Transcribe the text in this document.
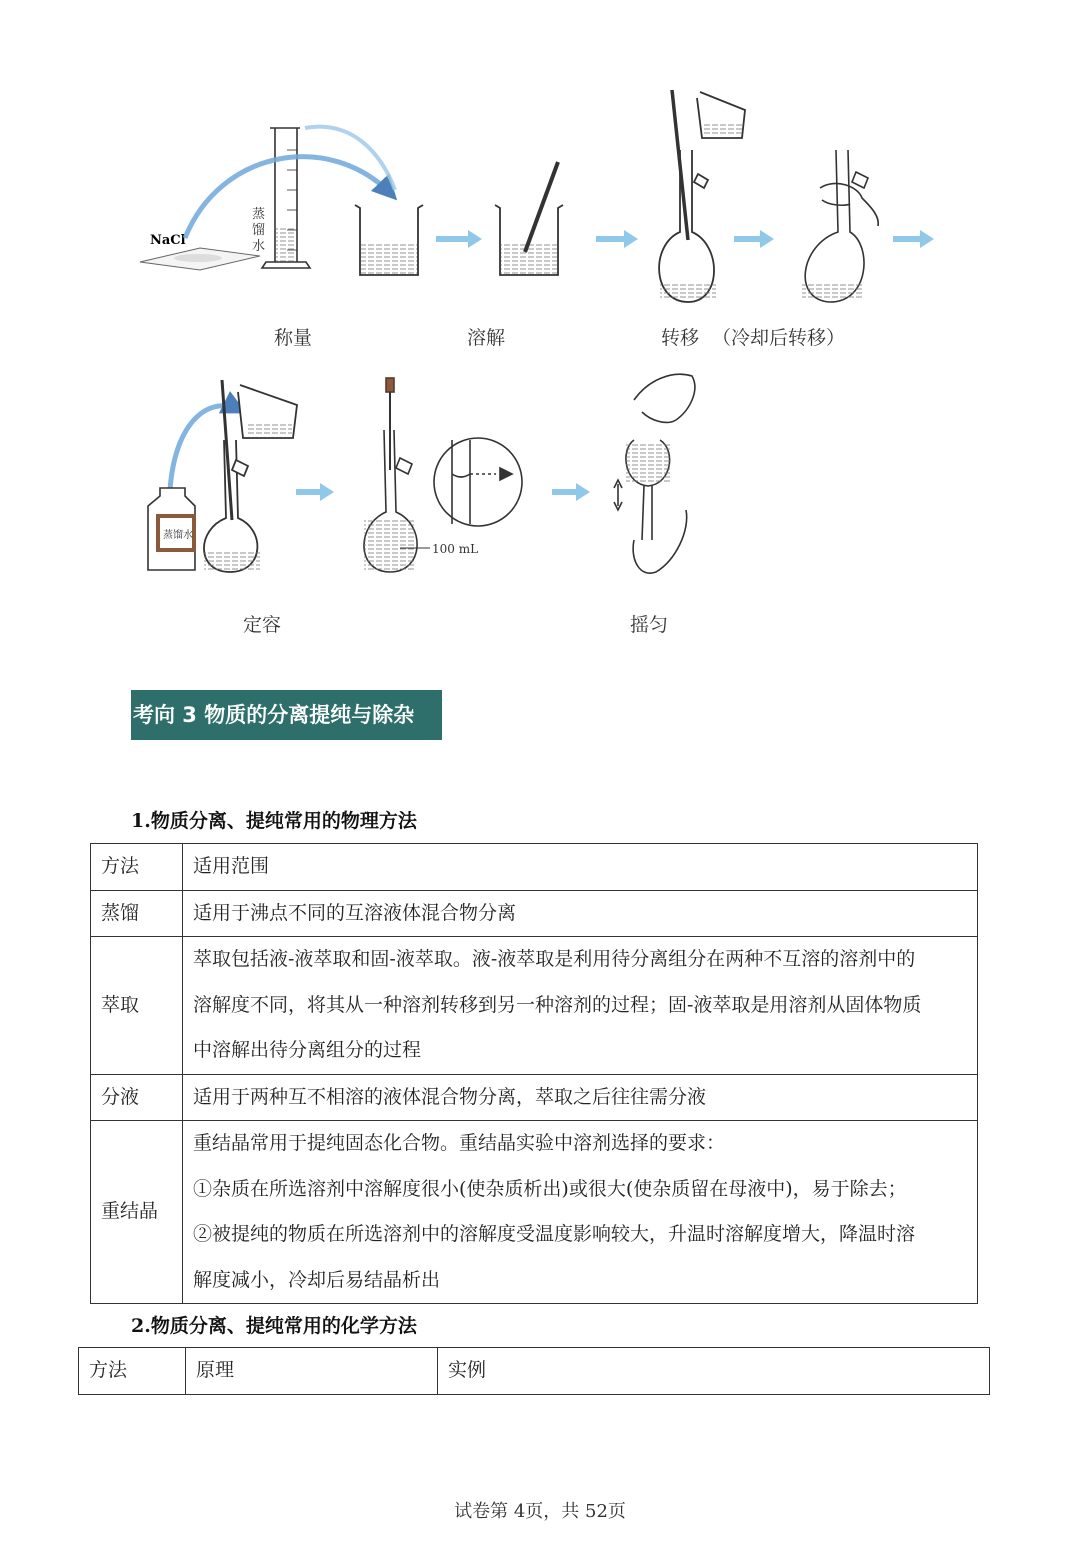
NaCl
蒸馏水
蒸馏水
100 mL
称量	溶解	转移 （冷却后转移）
定容	摇匀
考向 3 物质的分离提纯与除杂
1.物质分离、提纯常用的物理方法
方法	适用范围
蒸馏	适用于沸点不同的互溶液体混合物分离

萃取	萃取包括液-液萃取和固-液萃取。液-液萃取是利用待分离组分在两种不互溶的溶剂中的
溶解度不同，将其从一种溶剂转移到另一种溶剂的过程；固-液萃取是用溶剂从固体物质
中溶解出待分离组分的过程

分液	适用于两种互不相溶的液体混合物分离，萃取之后往往需分液

重结晶	重结晶常用于提纯固态化合物。重结晶实验中溶剂选择的要求：
①杂质在所选溶剂中溶解度很小(使杂质析出)或很大(使杂质留在母液中)，易于除去；
②被提纯的物质在所选溶剂中的溶解度受温度影响较大，升温时溶解度增大，降温时溶
解度减小，冷却后易结晶析出
2.物质分离、提纯常用的化学方法
方法	原理	实例
试卷第 4页，共 52页
